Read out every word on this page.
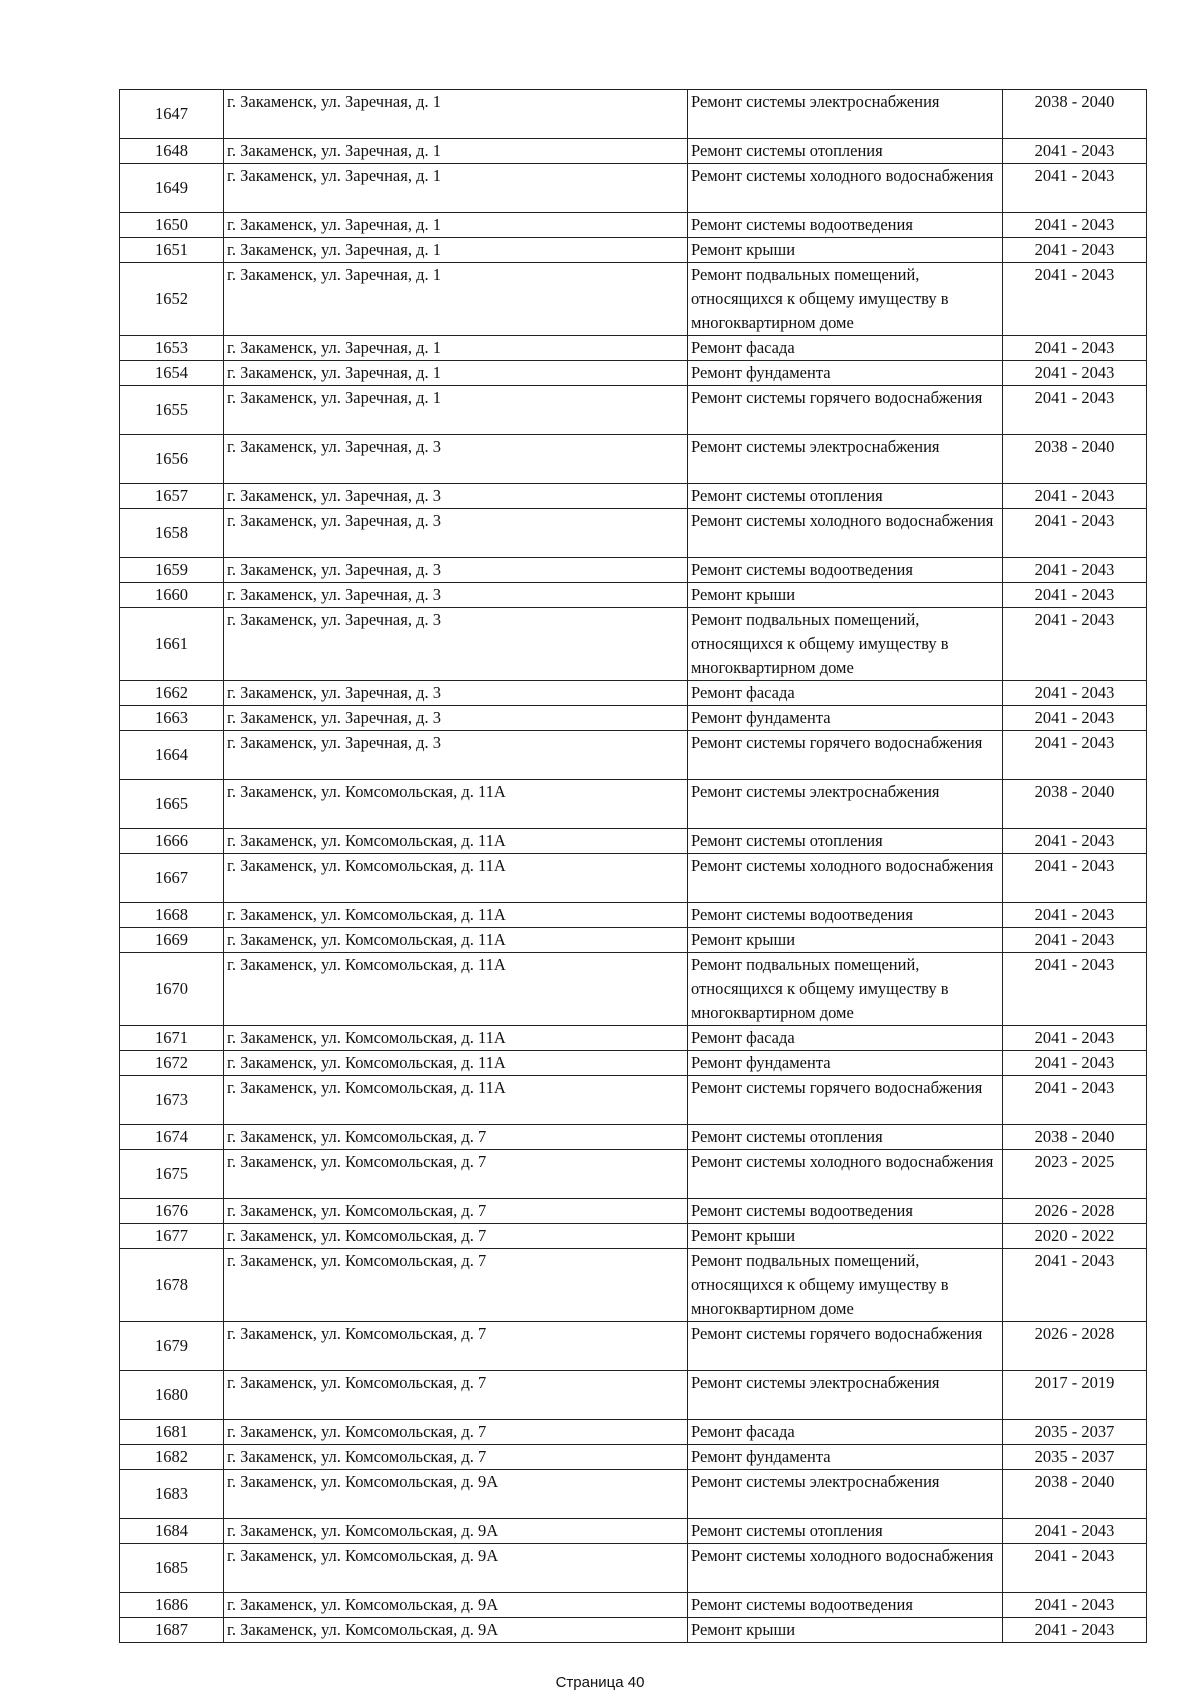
1647	г. Закаменск, ул. Заречная, д. 1	Ремонт системы электроснабжения	2038 - 2040
1648	г. Закаменск, ул. Заречная, д. 1	Ремонт системы отопления	2041 - 2043
1649	г. Закаменск, ул. Заречная, д. 1	Ремонт системы холодного водоснабжения	2041 - 2043
1650	г. Закаменск, ул. Заречная, д. 1	Ремонт системы водоотведения	2041 - 2043
1651	г. Закаменск, ул. Заречная, д. 1	Ремонт крыши	2041 - 2043
1652	г. Закаменск, ул. Заречная, д. 1	Ремонт подвальных помещений, относящихся к общему имуществу в многоквартирном доме	2041 - 2043
1653	г. Закаменск, ул. Заречная, д. 1	Ремонт фасада	2041 - 2043
1654	г. Закаменск, ул. Заречная, д. 1	Ремонт фундамента	2041 - 2043
1655	г. Закаменск, ул. Заречная, д. 1	Ремонт системы горячего водоснабжения	2041 - 2043
1656	г. Закаменск, ул. Заречная, д. 3	Ремонт системы электроснабжения	2038 - 2040
1657	г. Закаменск, ул. Заречная, д. 3	Ремонт системы отопления	2041 - 2043
1658	г. Закаменск, ул. Заречная, д. 3	Ремонт системы холодного водоснабжения	2041 - 2043
1659	г. Закаменск, ул. Заречная, д. 3	Ремонт системы водоотведения	2041 - 2043
1660	г. Закаменск, ул. Заречная, д. 3	Ремонт крыши	2041 - 2043
1661	г. Закаменск, ул. Заречная, д. 3	Ремонт подвальных помещений, относящихся к общему имуществу в многоквартирном доме	2041 - 2043
1662	г. Закаменск, ул. Заречная, д. 3	Ремонт фасада	2041 - 2043
1663	г. Закаменск, ул. Заречная, д. 3	Ремонт фундамента	2041 - 2043
1664	г. Закаменск, ул. Заречная, д. 3	Ремонт системы горячего водоснабжения	2041 - 2043
1665	г. Закаменск, ул. Комсомольская, д. 11А	Ремонт системы электроснабжения	2038 - 2040
1666	г. Закаменск, ул. Комсомольская, д. 11А	Ремонт системы отопления	2041 - 2043
1667	г. Закаменск, ул. Комсомольская, д. 11А	Ремонт системы холодного водоснабжения	2041 - 2043
1668	г. Закаменск, ул. Комсомольская, д. 11А	Ремонт системы водоотведения	2041 - 2043
1669	г. Закаменск, ул. Комсомольская, д. 11А	Ремонт крыши	2041 - 2043
1670	г. Закаменск, ул. Комсомольская, д. 11А	Ремонт подвальных помещений, относящихся к общему имуществу в многоквартирном доме	2041 - 2043
1671	г. Закаменск, ул. Комсомольская, д. 11А	Ремонт фасада	2041 - 2043
1672	г. Закаменск, ул. Комсомольская, д. 11А	Ремонт фундамента	2041 - 2043
1673	г. Закаменск, ул. Комсомольская, д. 11А	Ремонт системы горячего водоснабжения	2041 - 2043
1674	г. Закаменск, ул. Комсомольская, д. 7	Ремонт системы отопления	2038 - 2040
1675	г. Закаменск, ул. Комсомольская, д. 7	Ремонт системы холодного водоснабжения	2023 - 2025
1676	г. Закаменск, ул. Комсомольская, д. 7	Ремонт системы водоотведения	2026 - 2028
1677	г. Закаменск, ул. Комсомольская, д. 7	Ремонт крыши	2020 - 2022
1678	г. Закаменск, ул. Комсомольская, д. 7	Ремонт подвальных помещений, относящихся к общему имуществу в многоквартирном доме	2041 - 2043
1679	г. Закаменск, ул. Комсомольская, д. 7	Ремонт системы горячего водоснабжения	2026 - 2028
1680	г. Закаменск, ул. Комсомольская, д. 7	Ремонт системы электроснабжения	2017 - 2019
1681	г. Закаменск, ул. Комсомольская, д. 7	Ремонт фасада	2035 - 2037
1682	г. Закаменск, ул. Комсомольская, д. 7	Ремонт фундамента	2035 - 2037
1683	г. Закаменск, ул. Комсомольская, д. 9А	Ремонт системы электроснабжения	2038 - 2040
1684	г. Закаменск, ул. Комсомольская, д. 9А	Ремонт системы отопления	2041 - 2043
1685	г. Закаменск, ул. Комсомольская, д. 9А	Ремонт системы холодного водоснабжения	2041 - 2043
1686	г. Закаменск, ул. Комсомольская, д. 9А	Ремонт системы водоотведения	2041 - 2043
1687	г. Закаменск, ул. Комсомольская, д. 9А	Ремонт крыши	2041 - 2043
Страница 40
